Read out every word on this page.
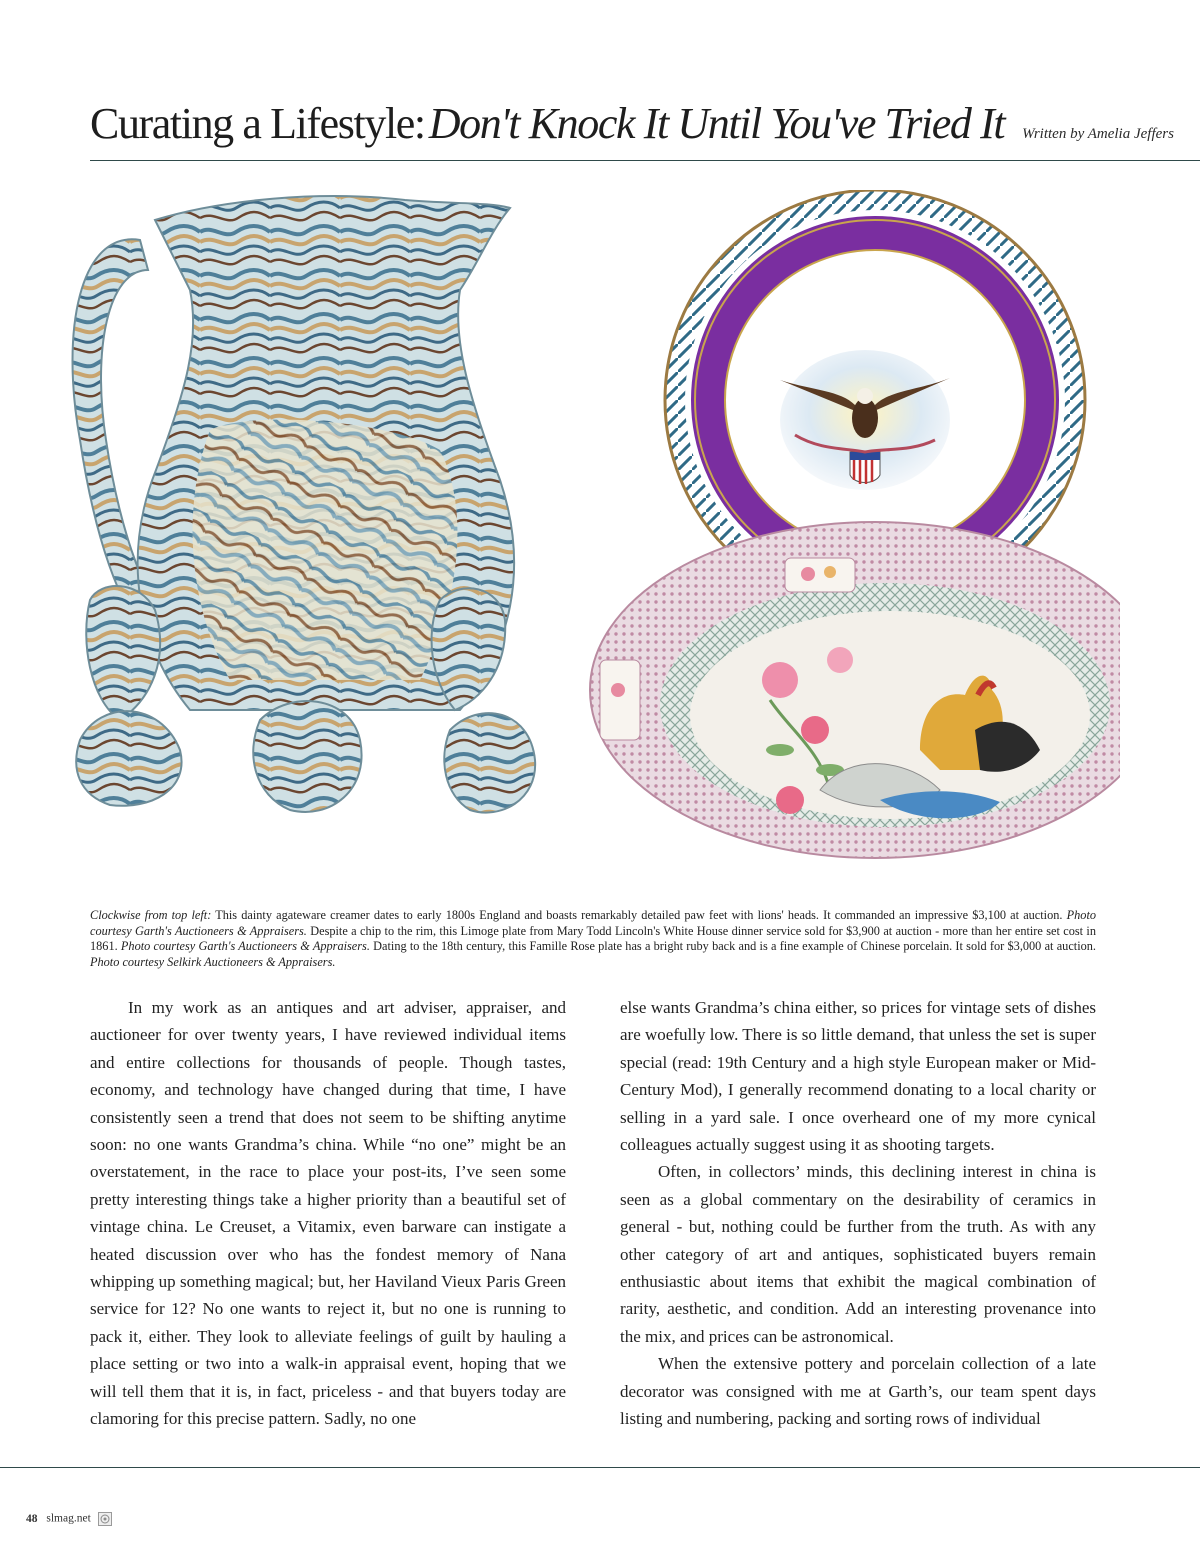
Curating a Lifestyle: Don't Knock It Until You've Tried It Written by Amelia Jeffers
Clockwise from top left: This dainty agateware creamer dates to early 1800s England and boasts remarkably detailed paw feet with lions' heads. It commanded an impressive $3,100 at auction. Photo courtesy Garth's Auctioneers & Appraisers. Despite a chip to the rim, this Limoge plate from Mary Todd Lincoln's White House dinner service sold for $3,900 at auction - more than her entire set cost in 1861. Photo courtesy Garth's Auctioneers & Appraisers. Dating to the 18th century, this Famille Rose plate has a bright ruby back and is a fine example of Chinese porcelain. It sold for $3,000 at auction. Photo courtesy Selkirk Auctioneers & Appraisers.

In my work as an antiques and art adviser, appraiser, and auctioneer for over twenty years, I have reviewed individual items and entire collections for thousands of people. Though tastes, economy, and technology have changed during that time, I have consistently seen a trend that does not seem to be shifting anytime soon: no one wants Grandma’s china. While “no one” might be an overstatement, in the race to place your post-its, I’ve seen some pretty interesting things take a higher priority than a beautiful set of vintage china. Le Creuset, a Vitamix, even barware can instigate a heated discussion over who has the fondest memory of Nana whipping up something magical; but, her Haviland Vieux Paris Green service for 12? No one wants to reject it, but no one is running to pack it, either. They look to alleviate feelings of guilt by hauling a place setting or two into a walk-in appraisal event, hoping that we will tell them that it is, in fact, priceless - and that buyers today are clamoring for this precise pattern. Sadly, no one

else wants Grandma’s china either, so prices for vintage sets of dishes are woefully low. There is so little demand, that unless the set is super special (read: 19th Century and a high style European maker or Mid-Century Mod), I generally recommend donating to a local charity or selling in a yard sale. I once overheard one of my more cynical colleagues actually suggest using it as shooting targets.

Often, in collectors’ minds, this declining interest in china is seen as a global commentary on the desirability of ceramics in general - but, nothing could be further from the truth. As with any other category of art and antiques, sophisticated buyers remain enthusiastic about items that exhibit the magical combination of rarity, aesthetic, and condition. Add an interesting provenance into the mix, and prices can be astronomical.

When the extensive pottery and porcelain collection of a late decorator was consigned with me at Garth’s, our team spent days listing and numbering, packing and sorting rows of individual

48 slmag.net
